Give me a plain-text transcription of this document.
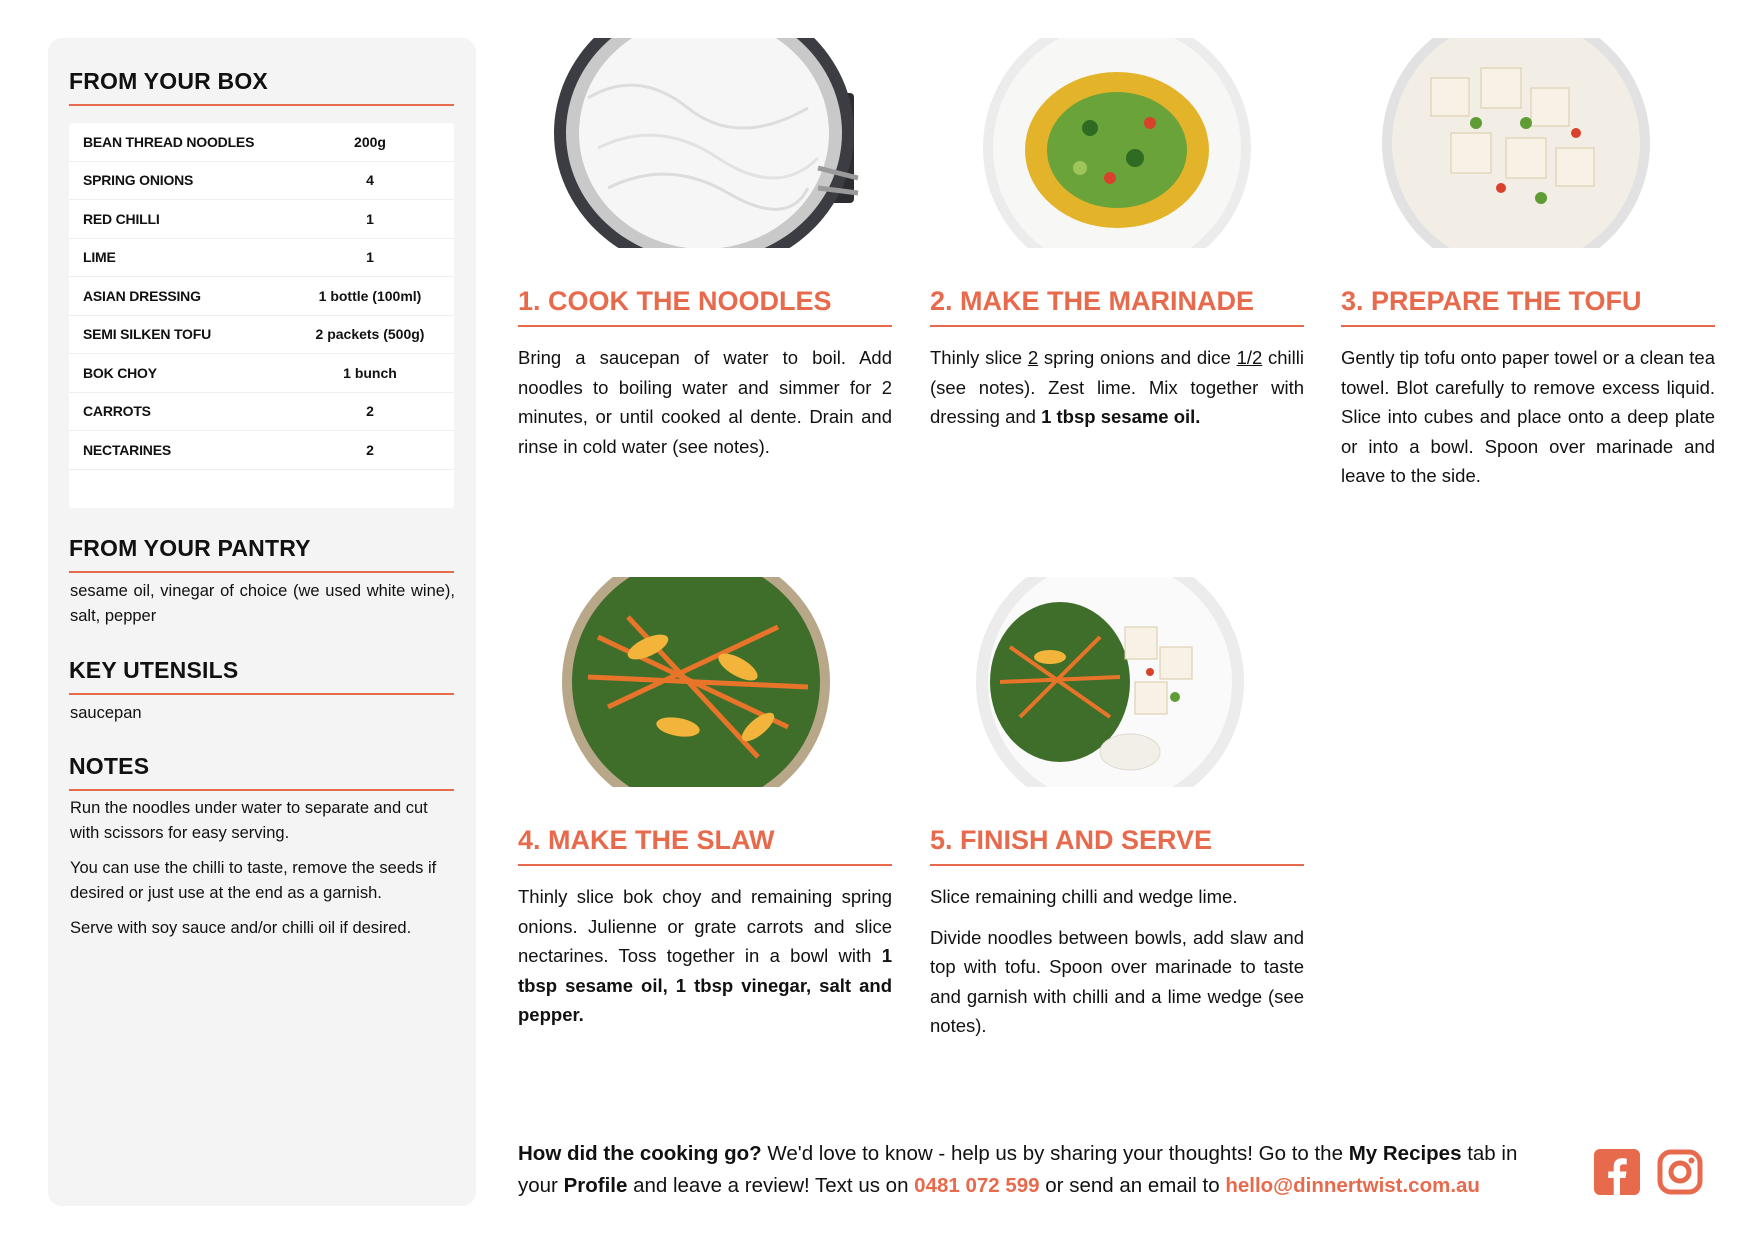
FROM YOUR BOX
BEAN THREAD NOODLES	200g
SPRING ONIONS	4
RED CHILLI	1
LIME	1
ASIAN DRESSING	1 bottle (100ml)
SEMI SILKEN TOFU	2 packets (500g)
BOK CHOY	1 bunch
CARROTS	2
NECTARINES	2
FROM YOUR PANTRY
sesame oil, vinegar of choice (we used white wine), salt, pepper
KEY UTENSILS
saucepan
NOTES

Run the noodles under water to separate and cut with scissors for easy serving.

You can use the chilli to taste, remove the seeds if desired or just use at the end as a garnish.

Serve with soy sauce and/or chilli oil if desired.

1. COOK THE NOODLES

Bring a saucepan of water to boil. Add noodles to boiling water and simmer for 2 minutes, or until cooked al dente. Drain and rinse in cold water (see notes).

2. MAKE THE MARINADE

Thinly slice 2 spring onions and dice 1/2 chilli (see notes). Zest lime. Mix together with dressing and 1 tbsp sesame oil.

3. PREPARE THE TOFU

Gently tip tofu onto paper towel or a clean tea towel. Blot carefully to remove excess liquid. Slice into cubes and place onto a deep plate or into a bowl. Spoon over marinade and leave to the side.

4. MAKE THE SLAW

Thinly slice bok choy and remaining spring onions. Julienne or grate carrots and slice nectarines. Toss together in a bowl with 1 tbsp sesame oil, 1 tbsp vinegar, salt and pepper.

5. FINISH AND SERVE

Slice remaining chilli and wedge lime.

Divide noodles between bowls, add slaw and top with tofu. Spoon over marinade to taste and garnish with chilli and a lime wedge (see notes).

How did the cooking go? We'd love to know - help us by sharing your thoughts! Go to the My Recipes tab in your Profile and leave a review! Text us on 0481 072 599 or send an email to hello@dinnertwist.com.au
